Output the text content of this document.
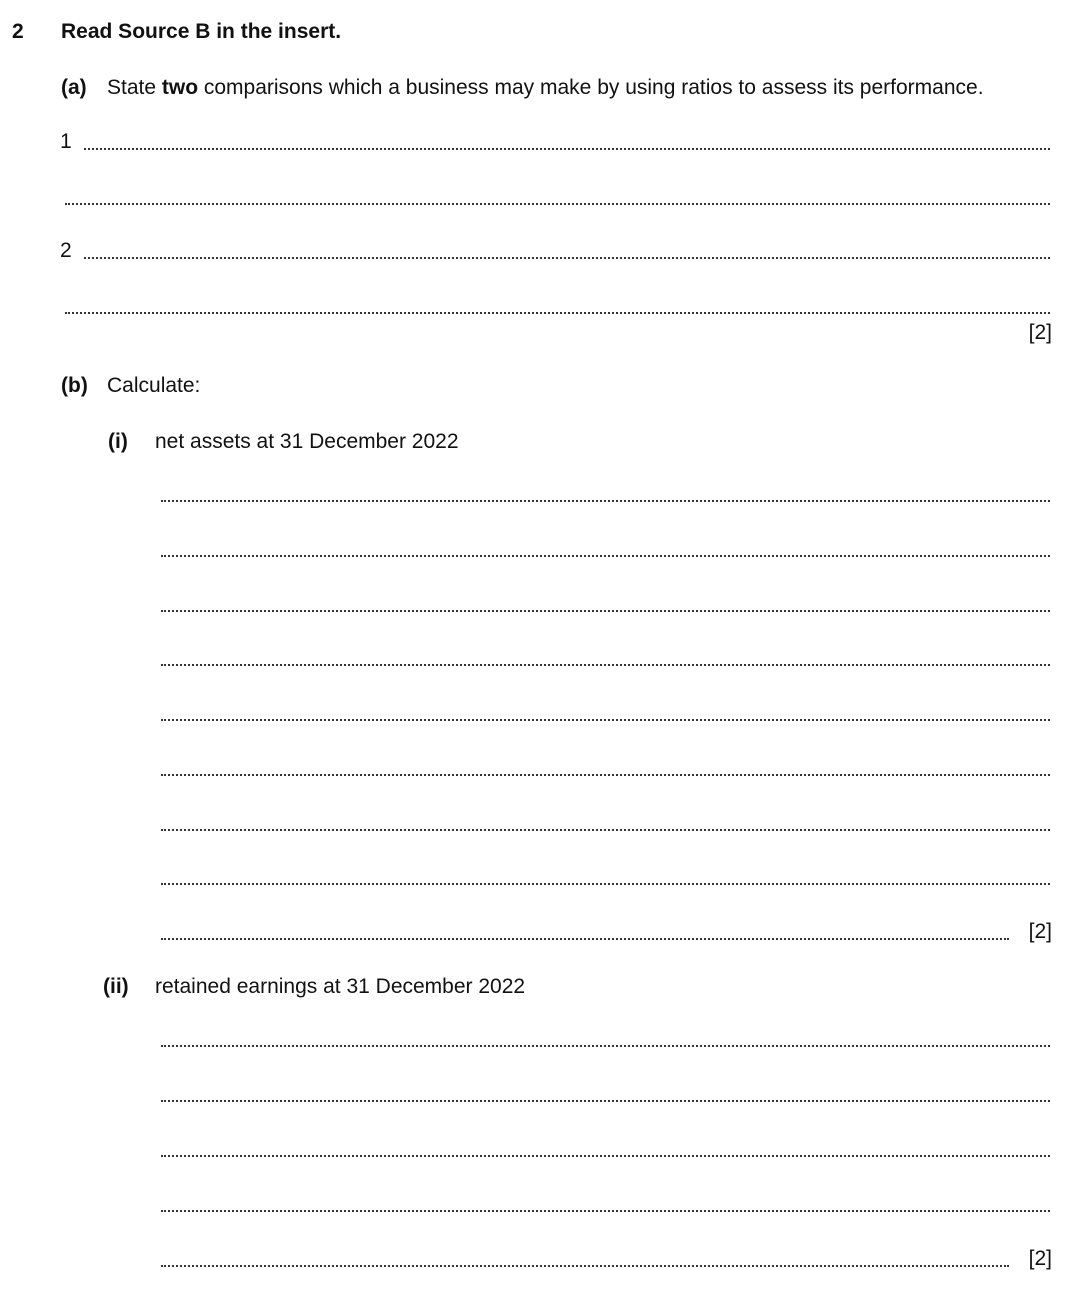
2 Read Source B in the insert.
(a) State two comparisons which a business may make by using ratios to assess its performance.
1
2
[2]
(b) Calculate:
(i) net assets at 31 December 2022
[2]
(ii) retained earnings at 31 December 2022
[2]
